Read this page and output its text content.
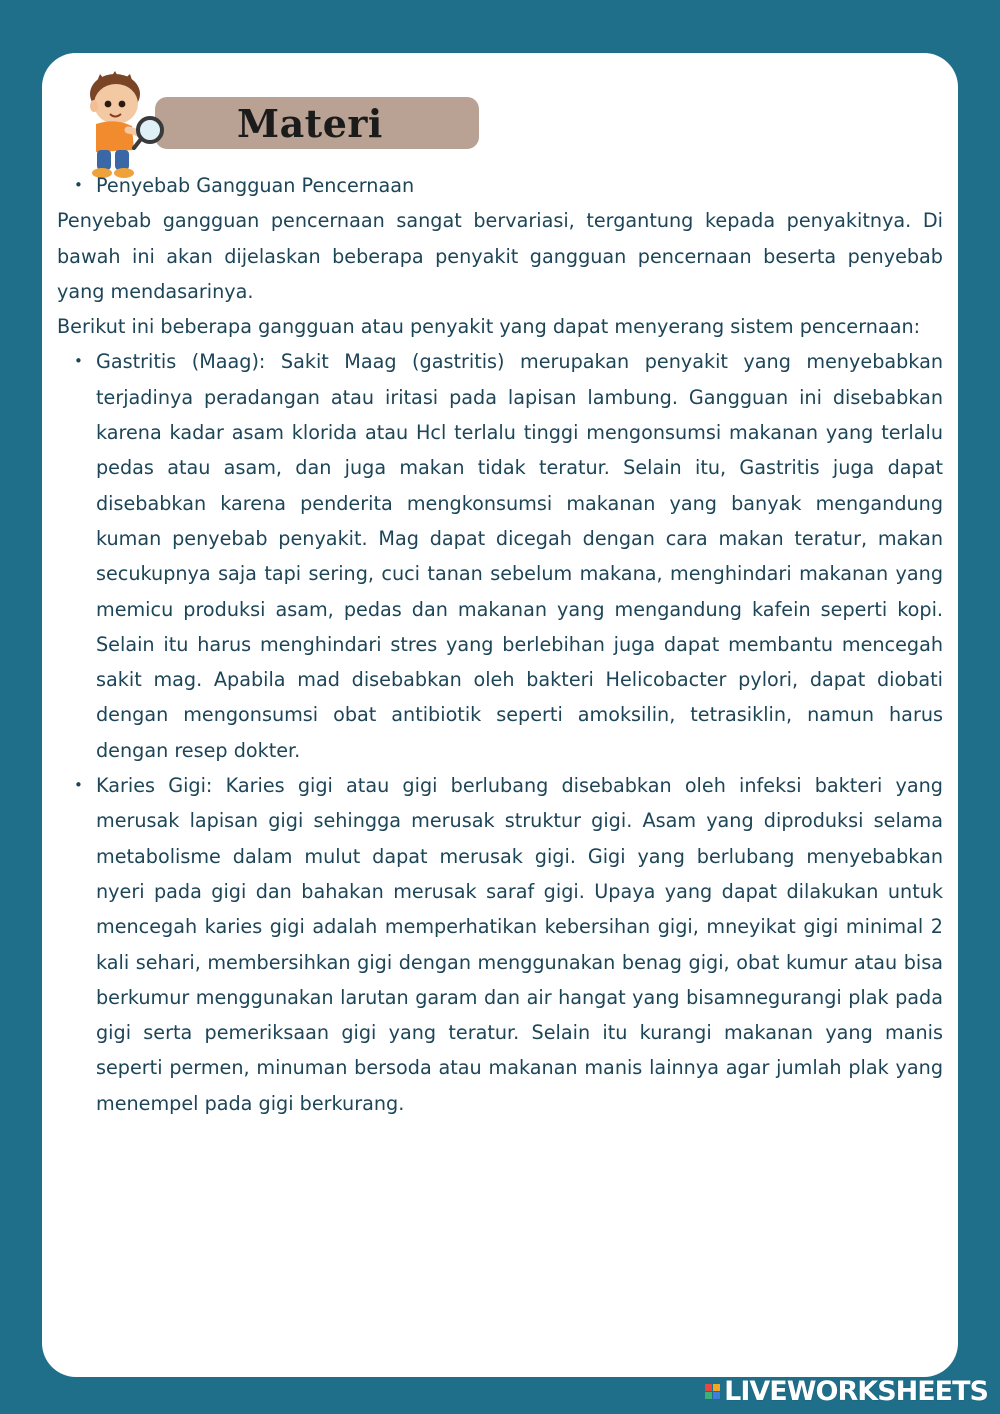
Materi
• Penyebab Gangguan Pencernaan

Penyebab gangguan pencernaan sangat bervariasi, tergantung kepada penyakitnya. Di bawah ini akan dijelaskan beberapa penyakit gangguan pencernaan beserta penyebab yang mendasarinya.

Berikut ini beberapa gangguan atau penyakit yang dapat menyerang sistem pencernaan:

• Gastritis (Maag): Sakit Maag (gastritis) merupakan penyakit yang menyebabkan terjadinya peradangan atau iritasi pada lapisan lambung. Gangguan ini disebabkan karena kadar asam klorida atau Hcl terlalu tinggi mengonsumsi makanan yang terlalu pedas atau asam, dan juga makan tidak teratur. Selain itu, Gastritis juga dapat disebabkan karena penderita mengkonsumsi makanan yang banyak mengandung kuman penyebab penyakit. Mag dapat dicegah dengan cara makan teratur, makan secukupnya saja tapi sering, cuci tanan sebelum makana, menghindari makanan yang memicu produksi asam, pedas dan makanan yang mengandung kafein seperti kopi. Selain itu harus menghindari stres yang berlebihan juga dapat membantu mencegah sakit mag. Apabila mad disebabkan oleh bakteri Helicobacter pylori, dapat diobati dengan mengonsumsi obat antibiotik seperti amoksilin, tetrasiklin, namun harus dengan resep dokter.
• Karies Gigi: Karies gigi atau gigi berlubang disebabkan oleh infeksi bakteri yang merusak lapisan gigi sehingga merusak struktur gigi. Asam yang diproduksi selama metabolisme dalam mulut dapat merusak gigi. Gigi yang berlubang menyebabkan nyeri pada gigi dan bahakan merusak saraf gigi. Upaya yang dapat dilakukan untuk mencegah karies gigi adalah memperhatikan kebersihan gigi, mneyikat gigi minimal 2 kali sehari, membersihkan gigi dengan menggunakan benag gigi, obat kumur atau bisa berkumur menggunakan larutan garam dan air hangat yang bisamnegurangi plak pada gigi serta pemeriksaan gigi yang teratur. Selain itu kurangi makanan yang manis seperti permen, minuman bersoda atau makanan manis lainnya agar jumlah plak yang menempel pada gigi berkurang.
LIVEWORKSHEETS
